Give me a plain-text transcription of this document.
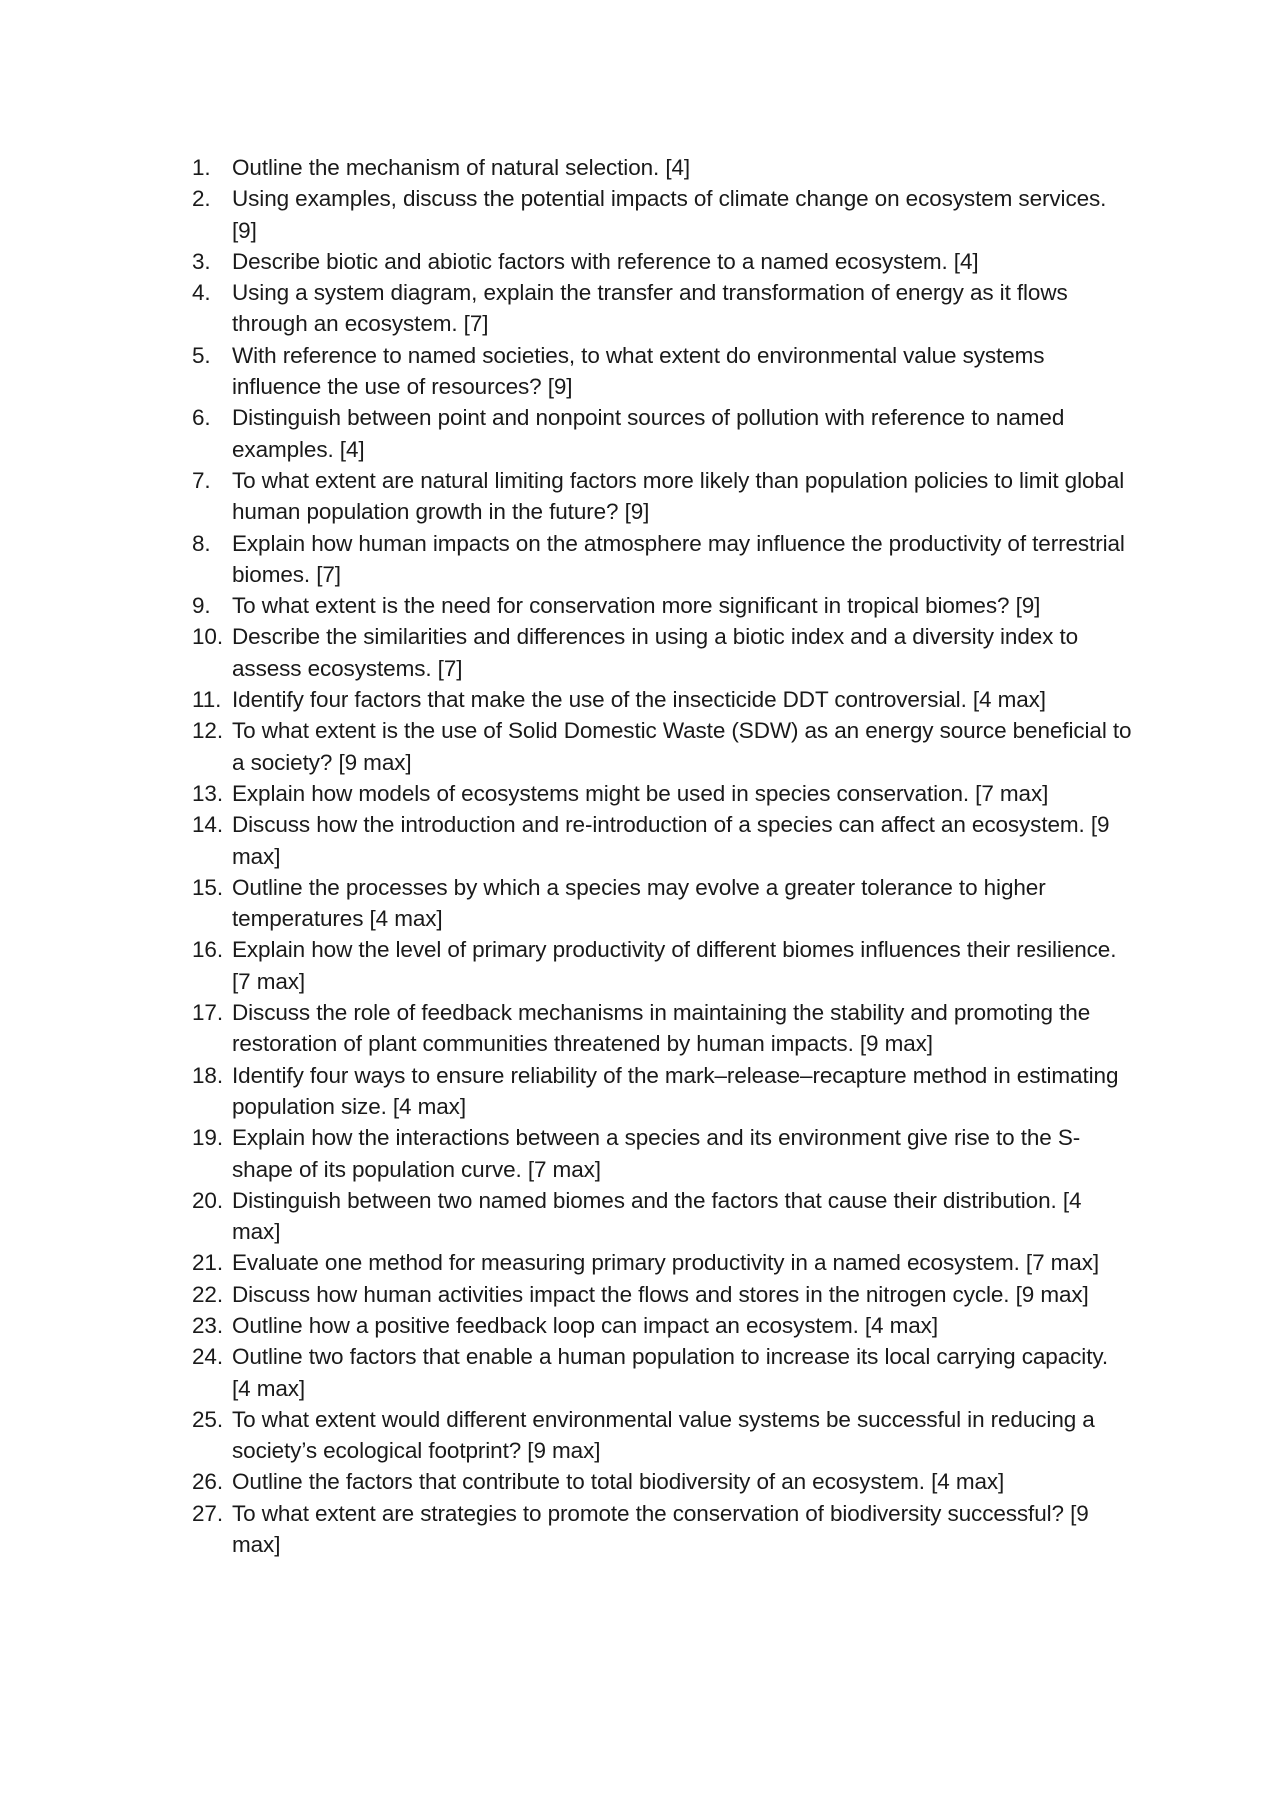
1. Outline the mechanism of natural selection. [4]
2. Using examples, discuss the potential impacts of climate change on ecosystem services. [9]
3. Describe biotic and abiotic factors with reference to a named ecosystem. [4]
4. Using a system diagram, explain the transfer and transformation of energy as it flows through an ecosystem. [7]
5. With reference to named societies, to what extent do environmental value systems influence the use of resources? [9]
6. Distinguish between point and nonpoint sources of pollution with reference to named examples. [4]
7. To what extent are natural limiting factors more likely than population policies to limit global human population growth in the future? [9]
8. Explain how human impacts on the atmosphere may influence the productivity of terrestrial biomes. [7]
9. To what extent is the need for conservation more significant in tropical biomes? [9]
10. Describe the similarities and differences in using a biotic index and a diversity index to assess ecosystems. [7]
11. Identify four factors that make the use of the insecticide DDT controversial. [4 max]
12. To what extent is the use of Solid Domestic Waste (SDW) as an energy source beneficial to a society? [9 max]
13. Explain how models of ecosystems might be used in species conservation. [7 max]
14. Discuss how the introduction and re-introduction of a species can affect an ecosystem. [9 max]
15. Outline the processes by which a species may evolve a greater tolerance to higher temperatures [4 max]
16. Explain how the level of primary productivity of different biomes influences their resilience. [7 max]
17. Discuss the role of feedback mechanisms in maintaining the stability and promoting the restoration of plant communities threatened by human impacts. [9 max]
18. Identify four ways to ensure reliability of the mark–release–recapture method in estimating population size. [4 max]
19. Explain how the interactions between a species and its environment give rise to the S-shape of its population curve. [7 max]
20. Distinguish between two named biomes and the factors that cause their distribution. [4 max]
21. Evaluate one method for measuring primary productivity in a named ecosystem. [7 max]
22. Discuss how human activities impact the flows and stores in the nitrogen cycle. [9 max]
23. Outline how a positive feedback loop can impact an ecosystem. [4 max]
24. Outline two factors that enable a human population to increase its local carrying capacity. [4 max]
25. To what extent would different environmental value systems be successful in reducing a society’s ecological footprint? [9 max]
26. Outline the factors that contribute to total biodiversity of an ecosystem. [4 max]
27. To what extent are strategies to promote the conservation of biodiversity successful? [9 max]
